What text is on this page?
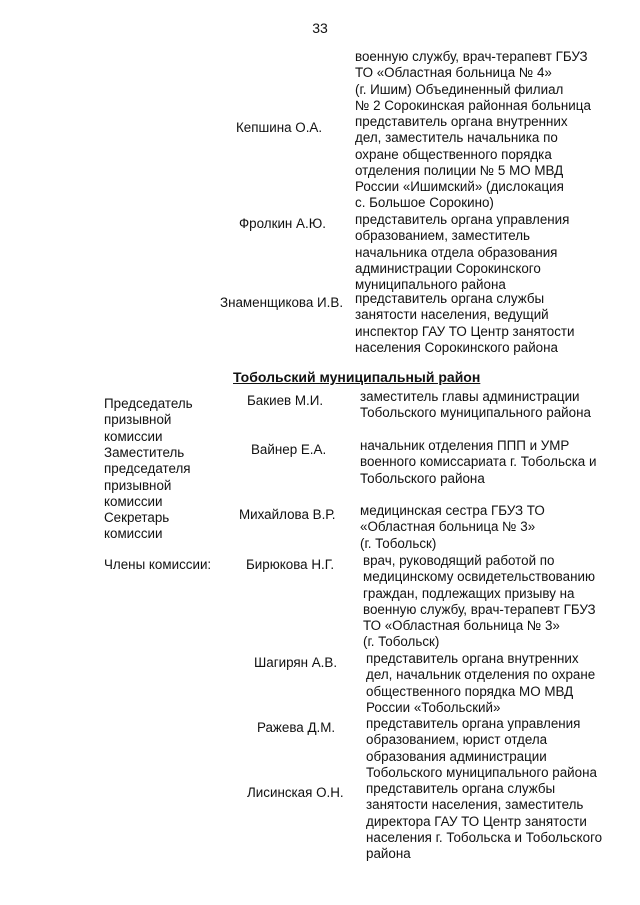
33
военную службу, врач-терапевт ГБУЗ
ТО «Областная больница № 4»
(г. Ишим) Объединенный филиал
№ 2 Сорокинская районная больница
Кепшина О.А. представитель органа внутренних
дел, заместитель начальника по
охране общественного порядка
отделения полиции № 5 МО МВД
России «Ишимский» (дислокация
с. Большое Сорокино)
Фролкин А.Ю. представитель органа управления
образованием, заместитель
начальника отдела образования
администрации Сорокинского
муниципального района
Знаменщикова И.В. представитель органа службы
занятости населения, ведущий
инспектор ГАУ ТО Центр занятости
населения Сорокинского района
Тобольский муниципальный район
Председатель
призывной
комиссии
Заместитель
председателя
призывной
комиссии
Секретарь
комиссии
Члены комиссии:
Бакиев М.И.	заместитель главы администрации
Тобольского муниципального района
Вайнер Е.А.	начальник отделения ППП и УМР
военного комиссариата г. Тобольска и
Тобольского района
Михайлова В.Р. медицинская сестра ГБУЗ ТО
«Областная больница № 3»
(г. Тобольск)
Бирюкова Н.Г. врач, руководящий работой по
медицинскому освидетельствованию
граждан, подлежащих призыву на
военную службу, врач-терапевт ГБУЗ
ТО «Областная больница № 3»
(г. Тобольск)
Шагирян А.В. представитель органа внутренних
дел, начальник отделения по охране
общественного порядка МО МВД
России «Тобольский»
Ражева Д.М. представитель органа управления
образованием, юрист отдела
образования администрации
Тобольского муниципального района
Лисинская О.Н. представитель органа службы
занятости населения, заместитель
директора ГАУ ТО Центр занятости
населения г. Тобольска и Тобольского
района
